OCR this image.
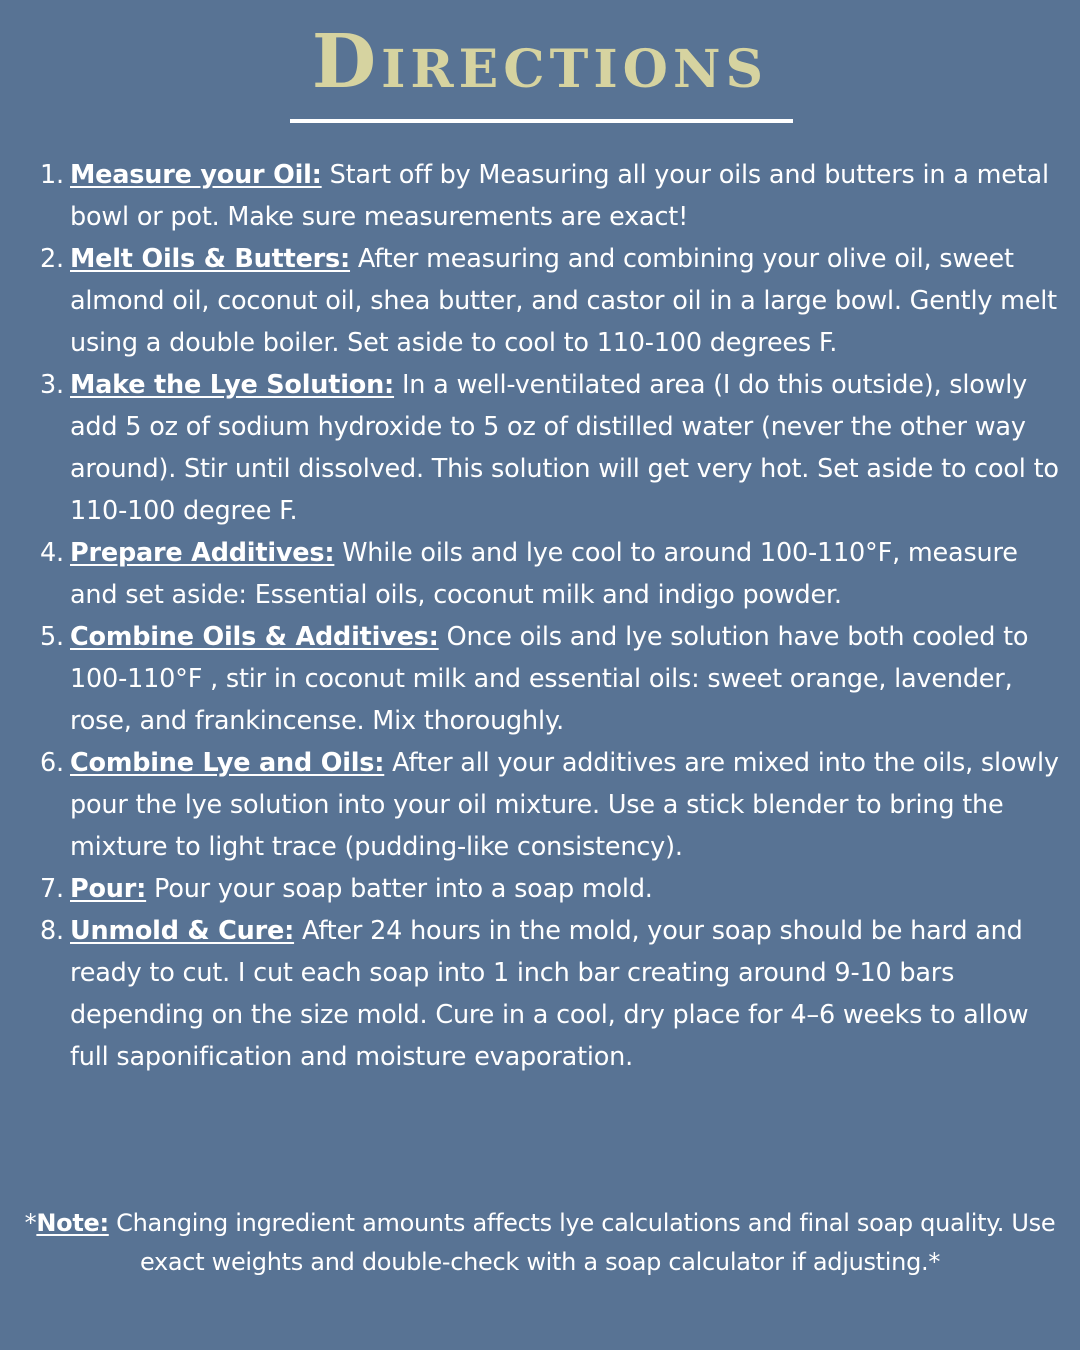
Directions
1. Measure your Oil: Start off by Measuring all your oils and butters in a metal bowl or pot. Make sure measurements are exact!
2. Melt Oils & Butters: After measuring and combining your olive oil, sweet almond oil, coconut oil, shea butter, and castor oil in a large bowl. Gently melt using a double boiler. Set aside to cool to 110-100 degrees F.
3. Make the Lye Solution: In a well-ventilated area (I do this outside), slowly add 5 oz of sodium hydroxide to 5 oz of distilled water (never the other way around). Stir until dissolved. This solution will get very hot. Set aside to cool to 110-100 degree F.
4. Prepare Additives: While oils and lye cool to around 100-110°F, measure and set aside: Essential oils, coconut milk and indigo powder.
5. Combine Oils & Additives: Once oils and lye solution have both cooled to 100-110°F , stir in coconut milk and essential oils: sweet orange, lavender, rose, and frankincense. Mix thoroughly.
6. Combine Lye and Oils: After all your additives are mixed into the oils, slowly pour the lye solution into your oil mixture. Use a stick blender to bring the mixture to light trace (pudding-like consistency).
7. Pour: Pour your soap batter into a soap mold.
8. Unmold & Cure: After 24 hours in the mold, your soap should be hard and ready to cut. I cut each soap into 1 inch bar creating around 9-10 bars depending on the size mold. Cure in a cool, dry place for 4–6 weeks to allow full saponification and moisture evaporation.
*Note: Changing ingredient amounts affects lye calculations and final soap quality. Use exact weights and double-check with a soap calculator if adjusting.*
